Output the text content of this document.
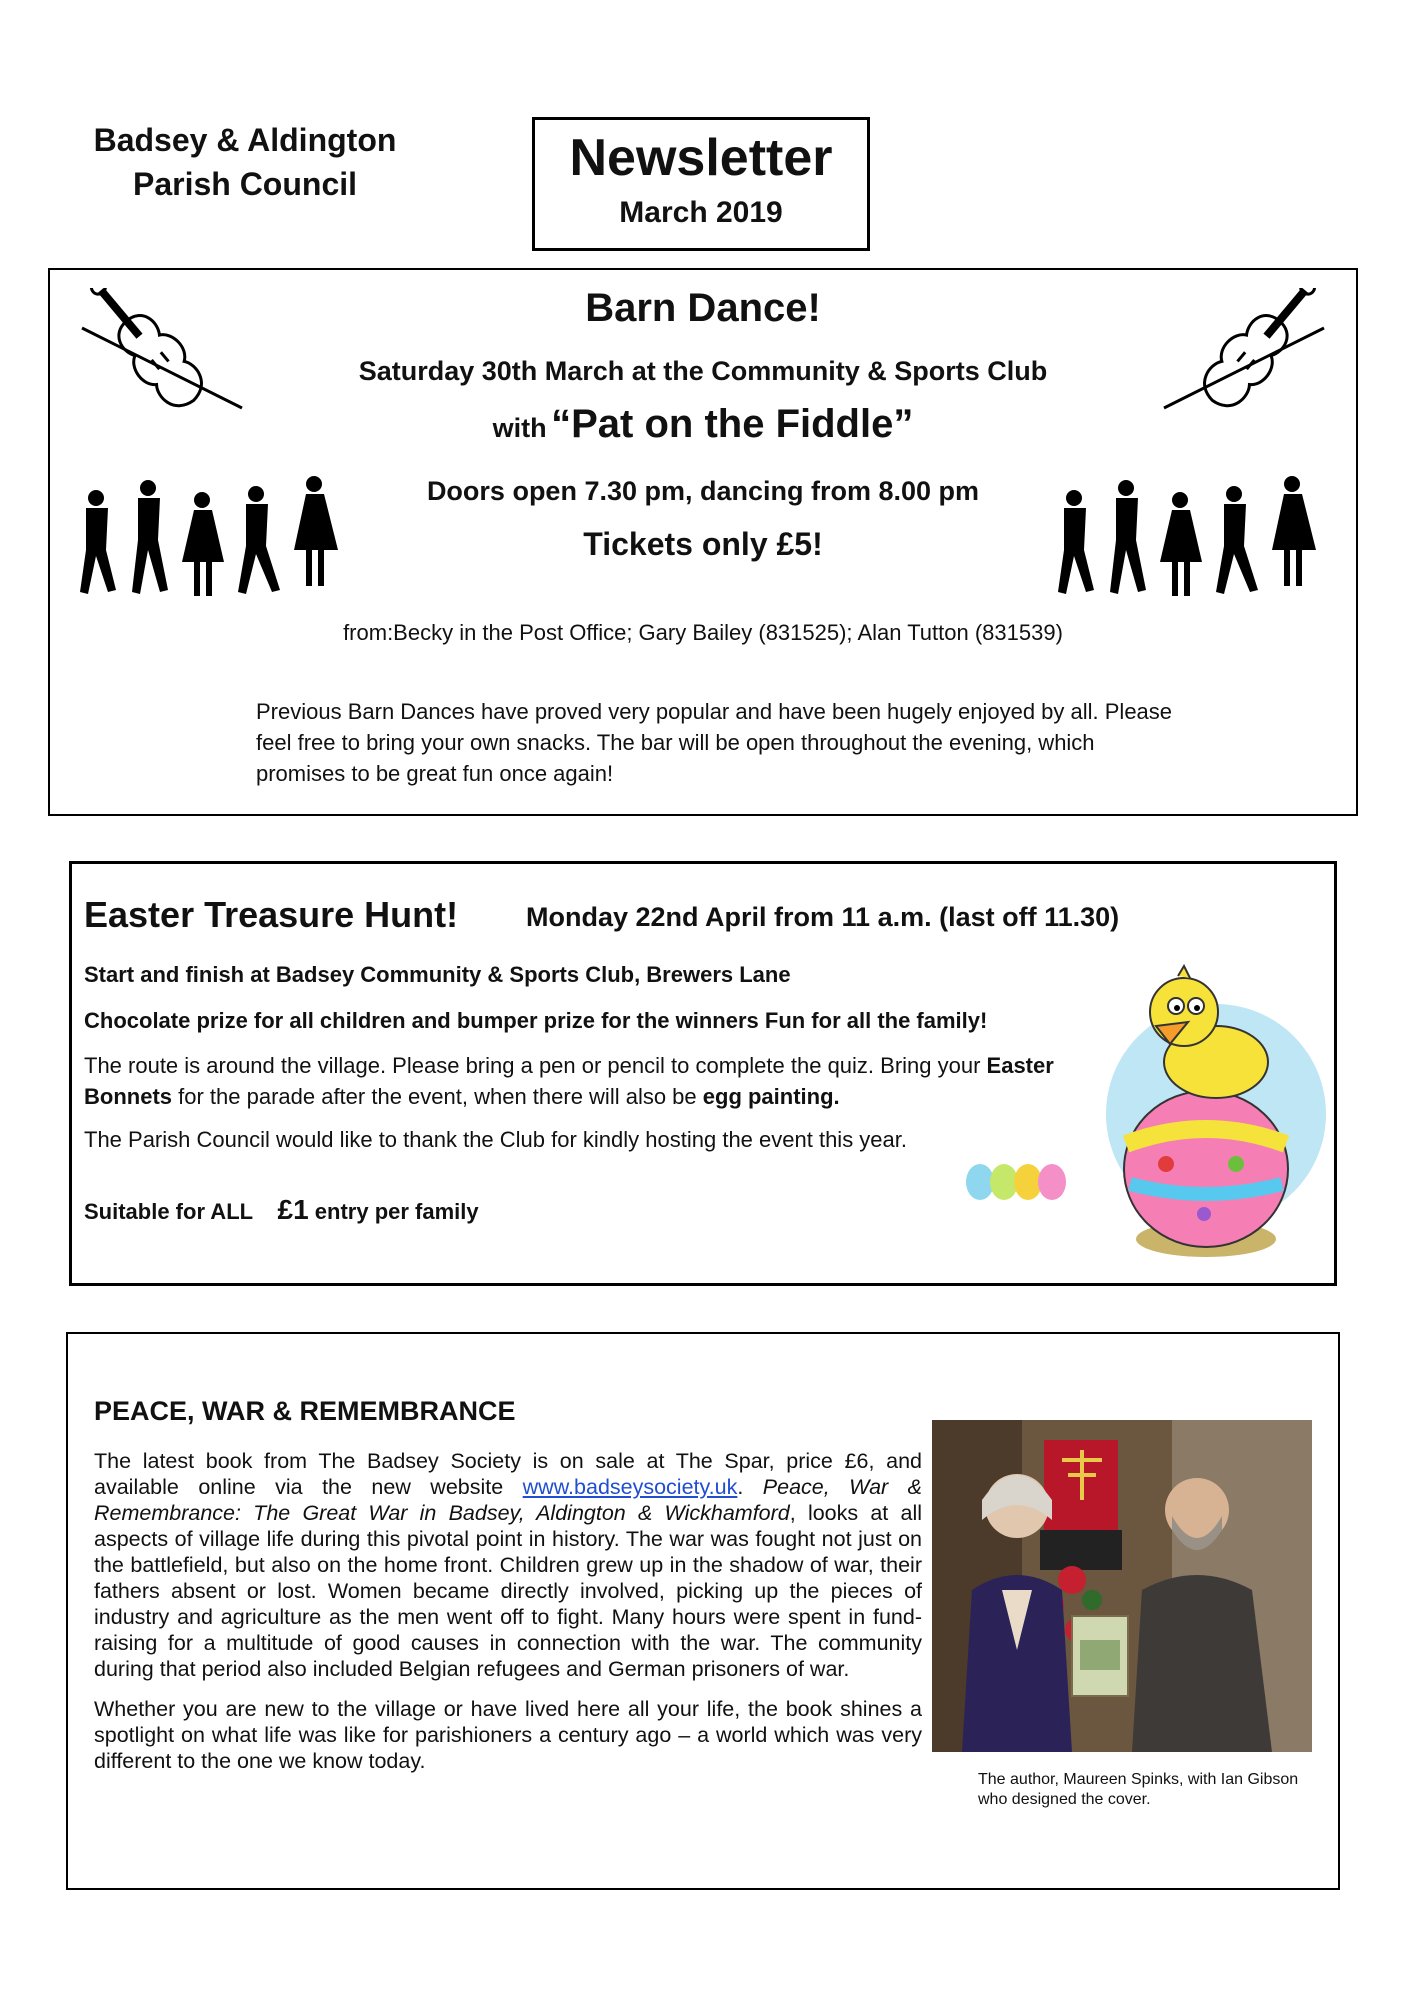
Badsey & Aldington
Parish Council	Newsletter
March 2019
Barn Dance!
Saturday 30th March at the Community & Sports Club
with “Pat on the Fiddle”
Doors open 7.30 pm, dancing from 8.00 pm
Tickets only £5!
from:Becky in the Post Office; Gary Bailey (831525); Alan Tutton (831539)
Previous Barn Dances have proved very popular and have been hugely enjoyed by all. Please feel free to bring your own snacks. The bar will be open throughout the evening, which promises to be great fun once again!
Easter Treasure Hunt!	Monday 22nd April from 11 a.m. (last off 11.30)
Start and finish at Badsey Community & Sports Club, Brewers Lane
Chocolate prize for all children and bumper prize for the winners Fun for all the family!
The route is around the village. Please bring a pen or pencil to complete the quiz. Bring your Easter Bonnets for the parade after the event, when there will also be egg painting.
The Parish Council would like to thank the Club for kindly hosting the event this year.
Suitable for ALL £1 entry per family
PEACE, WAR & REMEMBRANCE

The latest book from The Badsey Society is on sale at The Spar, price £6, and available online via the new website www.badseysociety.uk. Peace, War & Remembrance: The Great War in Badsey, Aldington & Wickhamford, looks at all aspects of village life during this pivotal point in history. The war was fought not just on the battlefield, but also on the home front. Children grew up in the shadow of war, their fathers absent or lost. Women became directly involved, picking up the pieces of industry and agriculture as the men went off to fight. Many hours were spent in fund-raising for a multitude of good causes in connection with the war. The community during that period also included Belgian refugees and German prisoners of war.

Whether you are new to the village or have lived here all your life, the book shines a spotlight on what life was like for parishioners a century ago – a world which was very different to the one we know today.

The author, Maureen Spinks, with Ian Gibson who designed the cover.
